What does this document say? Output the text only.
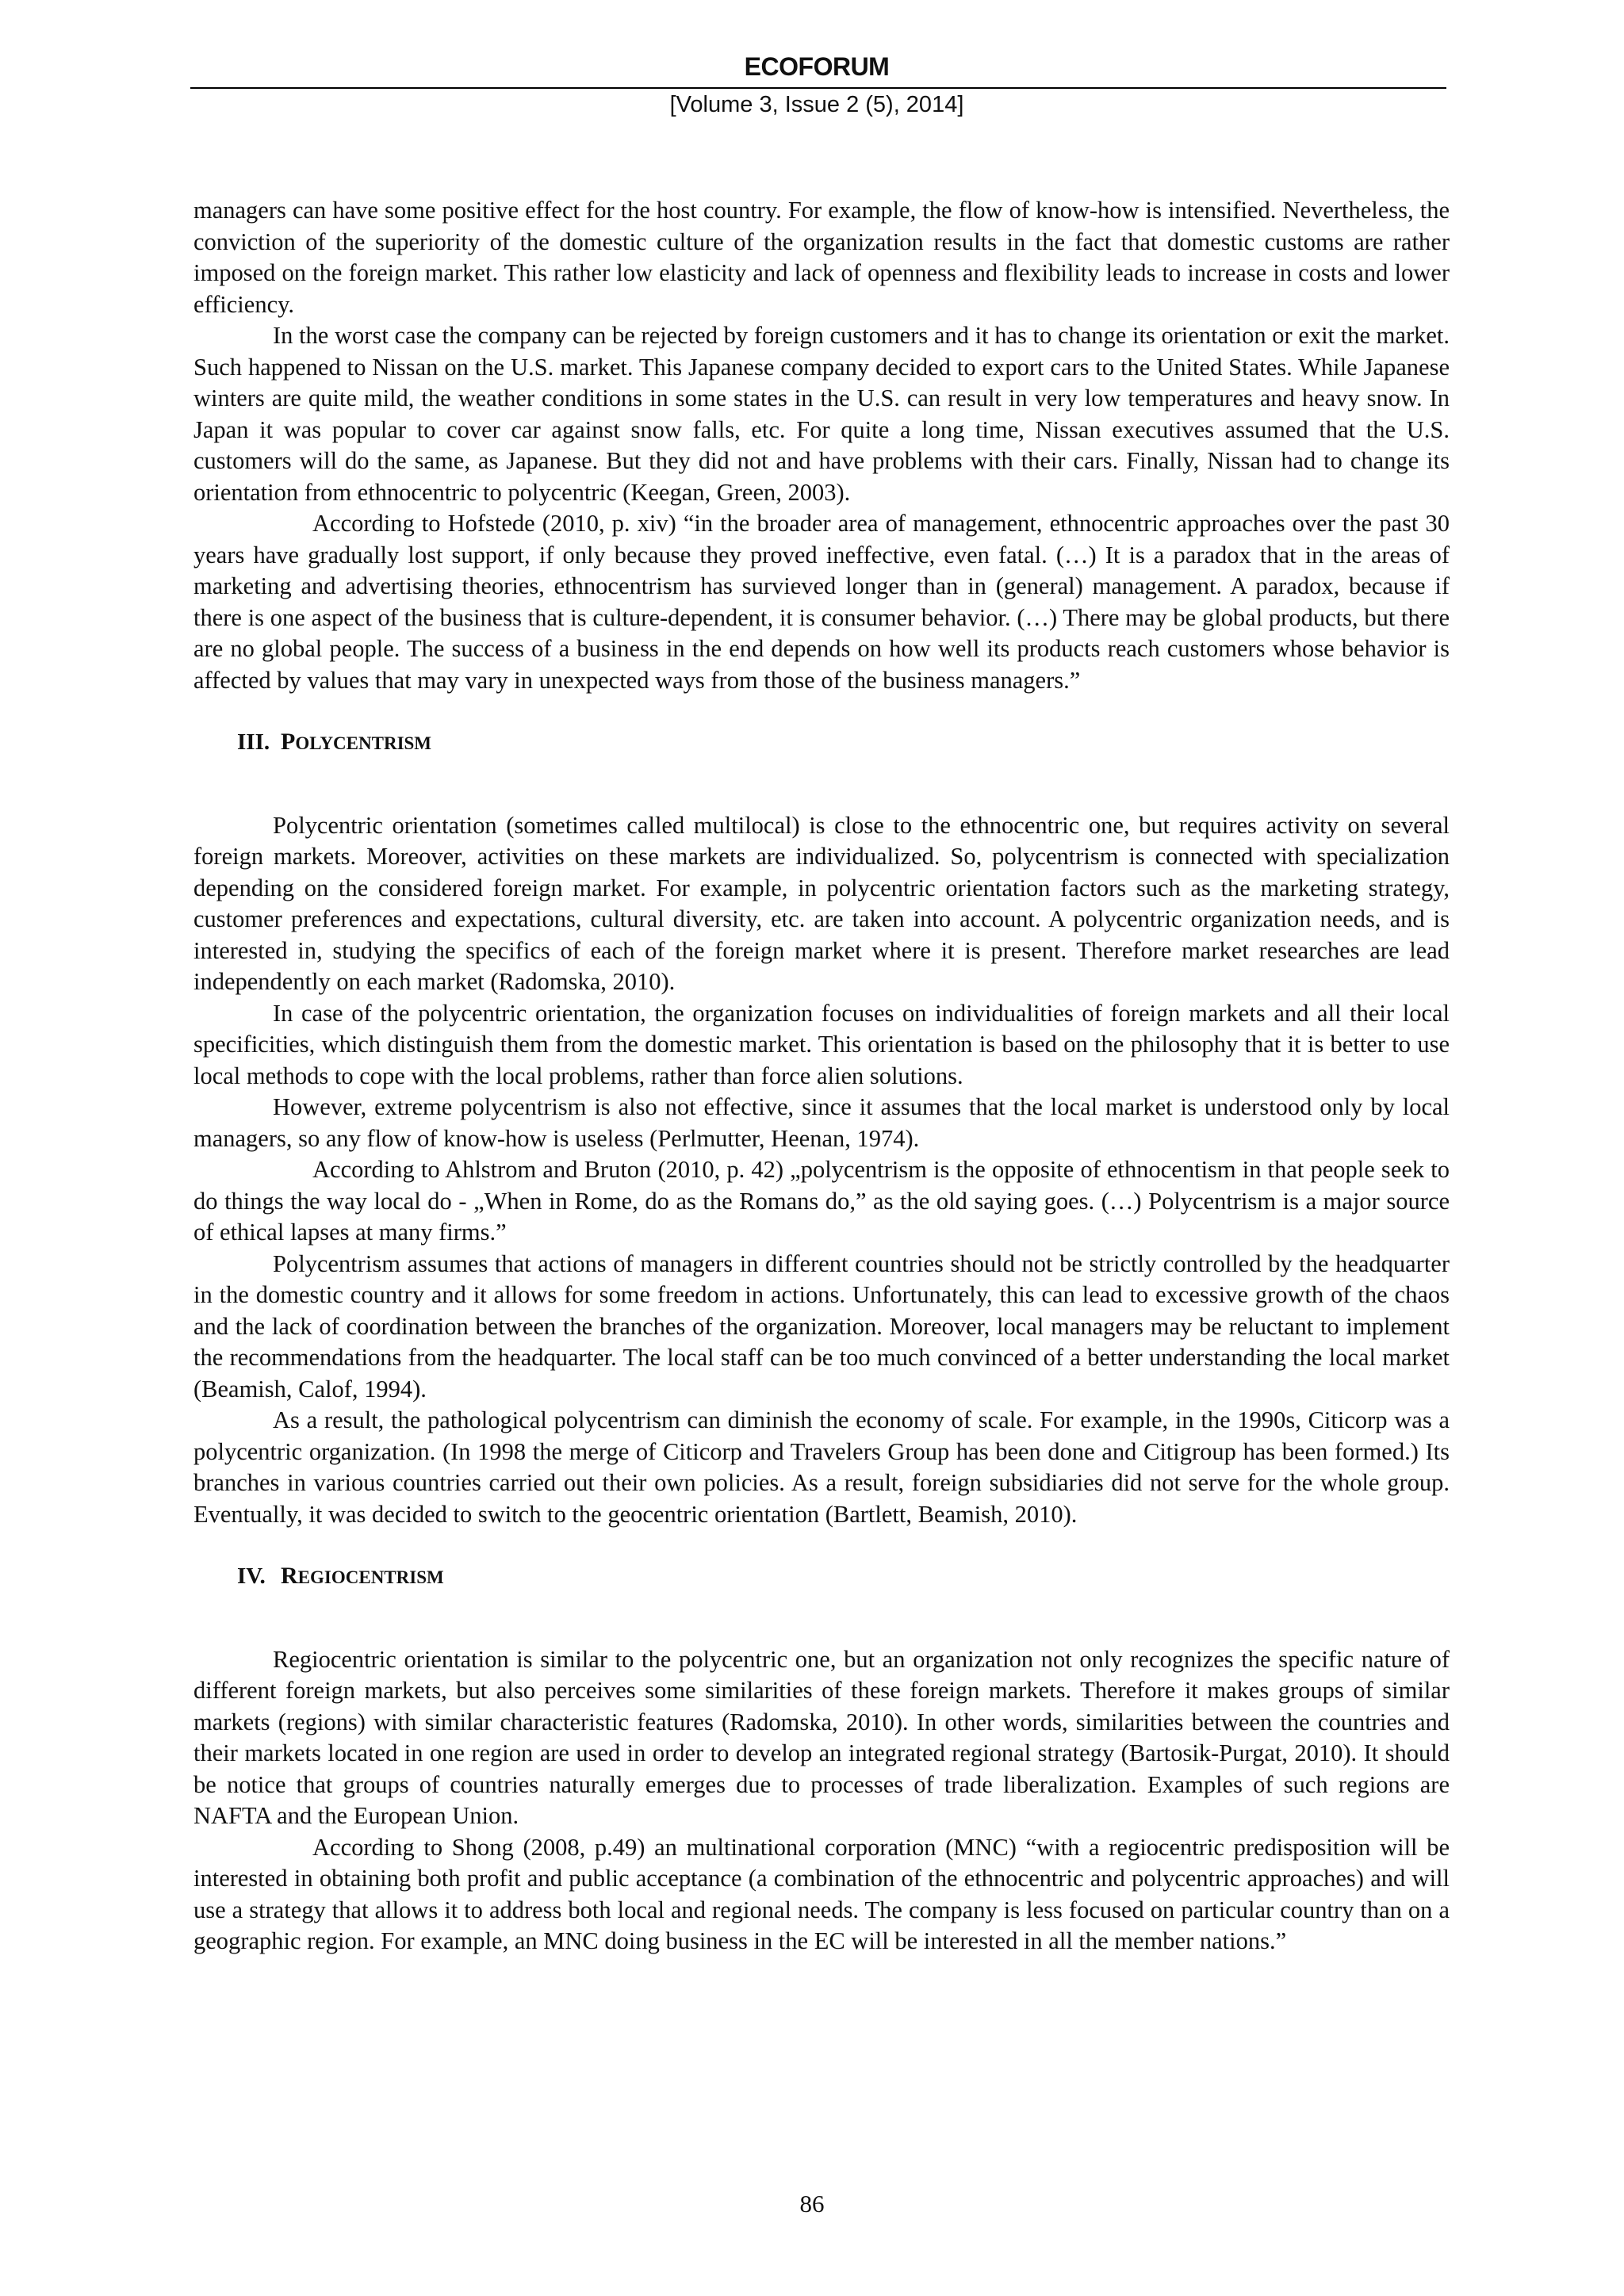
ECOFORUM
[Volume 3, Issue 2 (5), 2014]

managers can have some positive effect for the host country. For example, the flow of know-how is intensified. Nevertheless, the conviction of the superiority of the domestic culture of the organization results in the fact that domestic customs are rather imposed on the foreign market. This rather low elasticity and lack of openness and flexibility leads to increase in costs and lower efficiency.

In the worst case the company can be rejected by foreign customers and it has to change its orientation or exit the market. Such happened to Nissan on the U.S. market. This Japanese company decided to export cars to the United States. While Japanese winters are quite mild, the weather conditions in some states in the U.S. can result in very low temperatures and heavy snow. In Japan it was popular to cover car against snow falls, etc. For quite a long time, Nissan executives assumed that the U.S. customers will do the same, as Japanese. But they did not and have problems with their cars. Finally, Nissan had to change its orientation from ethnocentric to polycentric (Keegan, Green, 2003).

According to Hofstede (2010, p. xiv) “in the broader area of management, ethnocentric approaches over the past 30 years have gradually lost support, if only because they proved ineffective, even fatal. (…) It is a paradox that in the areas of marketing and advertising theories, ethnocentrism has survieved longer than in (general) management. A paradox, because if there is one aspect of the business that is culture-dependent, it is consumer behavior. (…) There may be global products, but there are no global people. The success of a business in the end depends on how well its products reach customers whose behavior is affected by values that may vary in unexpected ways from those of the business managers.”

III. POLYCENTRISM

Polycentric orientation (sometimes called multilocal) is close to the ethnocentric one, but requires activity on several foreign markets. Moreover, activities on these markets are individualized. So, polycentrism is connected with specialization depending on the considered foreign market. For example, in polycentric orientation factors such as the marketing strategy, customer preferences and expectations, cultural diversity, etc. are taken into account. A polycentric organization needs, and is interested in, studying the specifics of each of the foreign market where it is present. Therefore market researches are lead independently on each market (Radomska, 2010).

In case of the polycentric orientation, the organization focuses on individualities of foreign markets and all their local specificities, which distinguish them from the domestic market. This orientation is based on the philosophy that it is better to use local methods to cope with the local problems, rather than force alien solutions.

However, extreme polycentrism is also not effective, since it assumes that the local market is understood only by local managers, so any flow of know-how is useless (Perlmutter, Heenan, 1974).

According to Ahlstrom and Bruton (2010, p. 42) „polycentrism is the opposite of ethnocentism in that people seek to do things the way local do - „When in Rome, do as the Romans do,” as the old saying goes. (…) Polycentrism is a major source of ethical lapses at many firms.”

Polycentrism assumes that actions of managers in different countries should not be strictly controlled by the headquarter in the domestic country and it allows for some freedom in actions. Unfortunately, this can lead to excessive growth of the chaos and the lack of coordination between the branches of the organization. Moreover, local managers may be reluctant to implement the recommendations from the headquarter. The local staff can be too much convinced of a better understanding the local market (Beamish, Calof, 1994).

As a result, the pathological polycentrism can diminish the economy of scale. For example, in the 1990s, Citicorp was a polycentric organization. (In 1998 the merge of Citicorp and Travelers Group has been done and Citigroup has been formed.) Its branches in various countries carried out their own policies. As a result, foreign subsidiaries did not serve for the whole group. Eventually, it was decided to switch to the geocentric orientation (Bartlett, Beamish, 2010).

IV. REGIOCENTRISM

Regiocentric orientation is similar to the polycentric one, but an organization not only recognizes the specific nature of different foreign markets, but also perceives some similarities of these foreign markets. Therefore it makes groups of similar markets (regions) with similar characteristic features (Radomska, 2010). In other words, similarities between the countries and their markets located in one region are used in order to develop an integrated regional strategy (Bartosik-Purgat, 2010). It should be notice that groups of countries naturally emerges due to processes of trade liberalization. Examples of such regions are NAFTA and the European Union.

According to Shong (2008, p.49) an multinational corporation (MNC) “with a regiocentric predisposition will be interested in obtaining both profit and public acceptance (a combination of the ethnocentric and polycentric approaches) and will use a strategy that allows it to address both local and regional needs. The company is less focused on particular country than on a geographic region. For example, an MNC doing business in the EC will be interested in all the member nations.”

86
